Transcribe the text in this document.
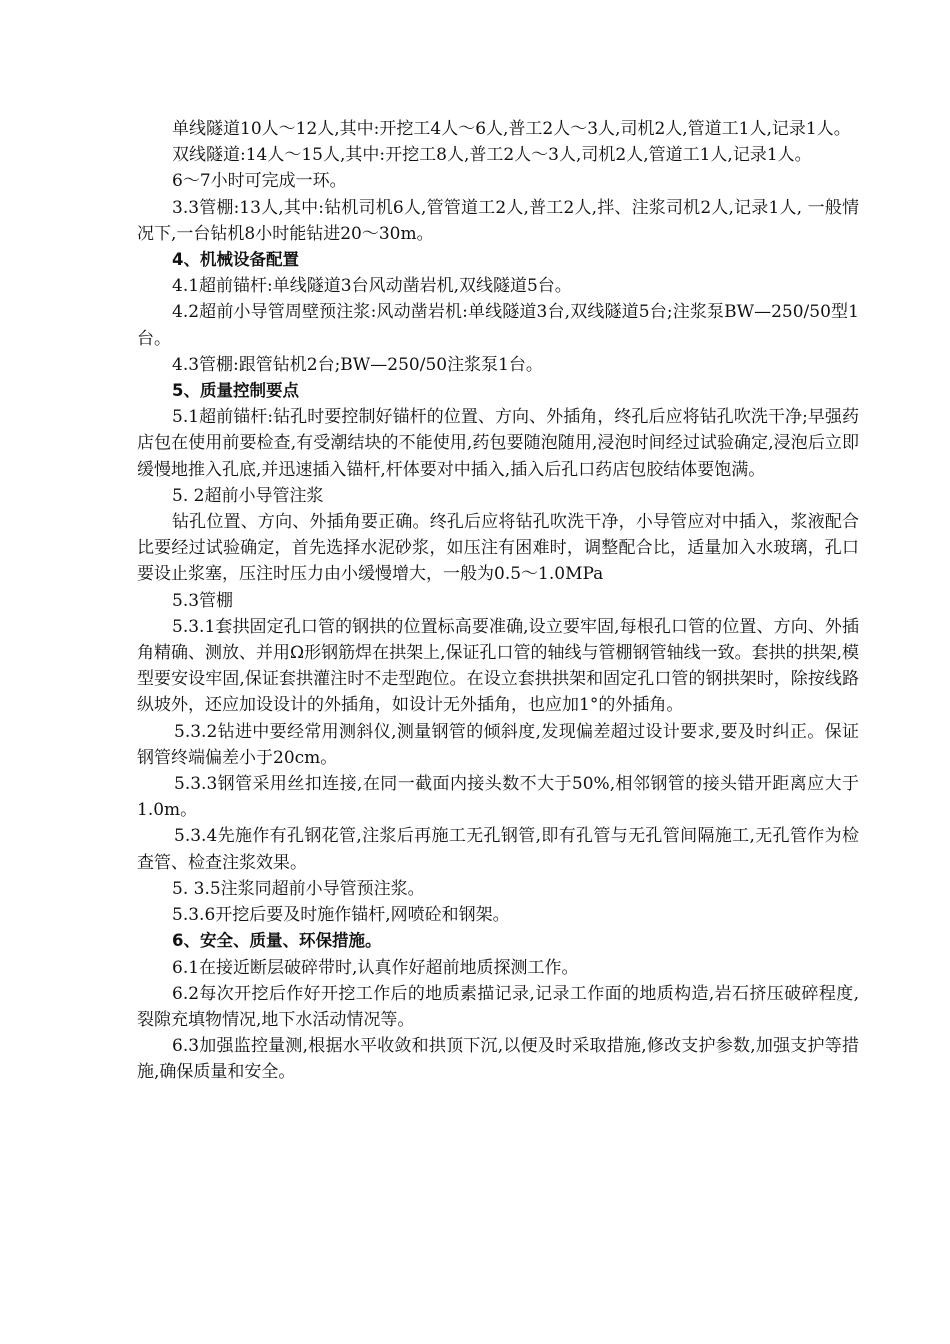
单线隧道10人～12人,其中:开挖工4人～6人,普工2人～3人,司机2人,管道工1人,记录1人。

双线隧道:14人～15人,其中:开挖工8人,普工2人～3人,司机2人,管道工1人,记录1人。

6～7小时可完成一环。

3.3管棚:13人,其中:钻机司机6人,管管道工2人,普工2人,拌、注浆司机2人,记录1人, 一般情况下,一台钻机8小时能钻进20～30m。

4、机械设备配置

4.1超前锚杆:单线隧道3台风动凿岩机,双线隧道5台。

4.2超前小导管周壁预注浆:风动凿岩机:单线隧道3台,双线隧道5台;注浆泵BW—250/50型1台。

4.3管棚:跟管钻机2台;BW—250/50注浆泵1台。

5、质量控制要点

5.1超前锚杆:钻孔时要控制好锚杆的位置、方向、外插角，终孔后应将钻孔吹洗干净;早强药店包在使用前要检查,有受潮结块的不能使用,药包要随泡随用,浸泡时间经过试验确定,浸泡后立即缓慢地推入孔底,并迅速插入锚杆,杆体要对中插入,插入后孔口药店包胶结体要饱满。

5. 2超前小导管注浆

钻孔位置、方向、外插角要正确。终孔后应将钻孔吹洗干净，小导管应对中插入，浆液配合比要经过试验确定，首先选择水泥砂浆，如压注有困难时，调整配合比，适量加入水玻璃，孔口要设止浆塞，压注时压力由小缓慢增大，一般为0.5～1.0MPa

5.3管棚

5.3.1套拱固定孔口管的钢拱的位置标高要准确,设立要牢固,每根孔口管的位置、方向、外插角精确、测放、并用Ω形钢筋焊在拱架上,保证孔口管的轴线与管棚钢管轴线一致。套拱的拱架,模型要安设牢固,保证套拱灌注时不走型跑位。在设立套拱拱架和固定孔口管的钢拱架时，除按线路纵坡外，还应加设设计的外插角，如设计无外插角，也应加1°的外插角。

5.3.2钻进中要经常用测斜仪,测量钢管的倾斜度,发现偏差超过设计要求,要及时纠正。保证钢管终端偏差小于20cm。

5.3.3钢管采用丝扣连接,在同一截面内接头数不大于50%,相邻钢管的接头错开距离应大于1.0m。

5.3.4先施作有孔钢花管,注浆后再施工无孔钢管,即有孔管与无孔管间隔施工,无孔管作为检查管、检查注浆效果。

5. 3.5注浆同超前小导管预注浆。

5.3.6开挖后要及时施作锚杆,网喷砼和钢架。

6、安全、质量、环保措施。

6.1在接近断层破碎带时,认真作好超前地质探测工作。

6.2每次开挖后作好开挖工作后的地质素描记录,记录工作面的地质构造,岩石挤压破碎程度,裂隙充填物情况,地下水活动情况等。

6.3加强监控量测,根据水平收敛和拱顶下沉,以便及时采取措施,修改支护参数,加强支护等措施,确保质量和安全。
